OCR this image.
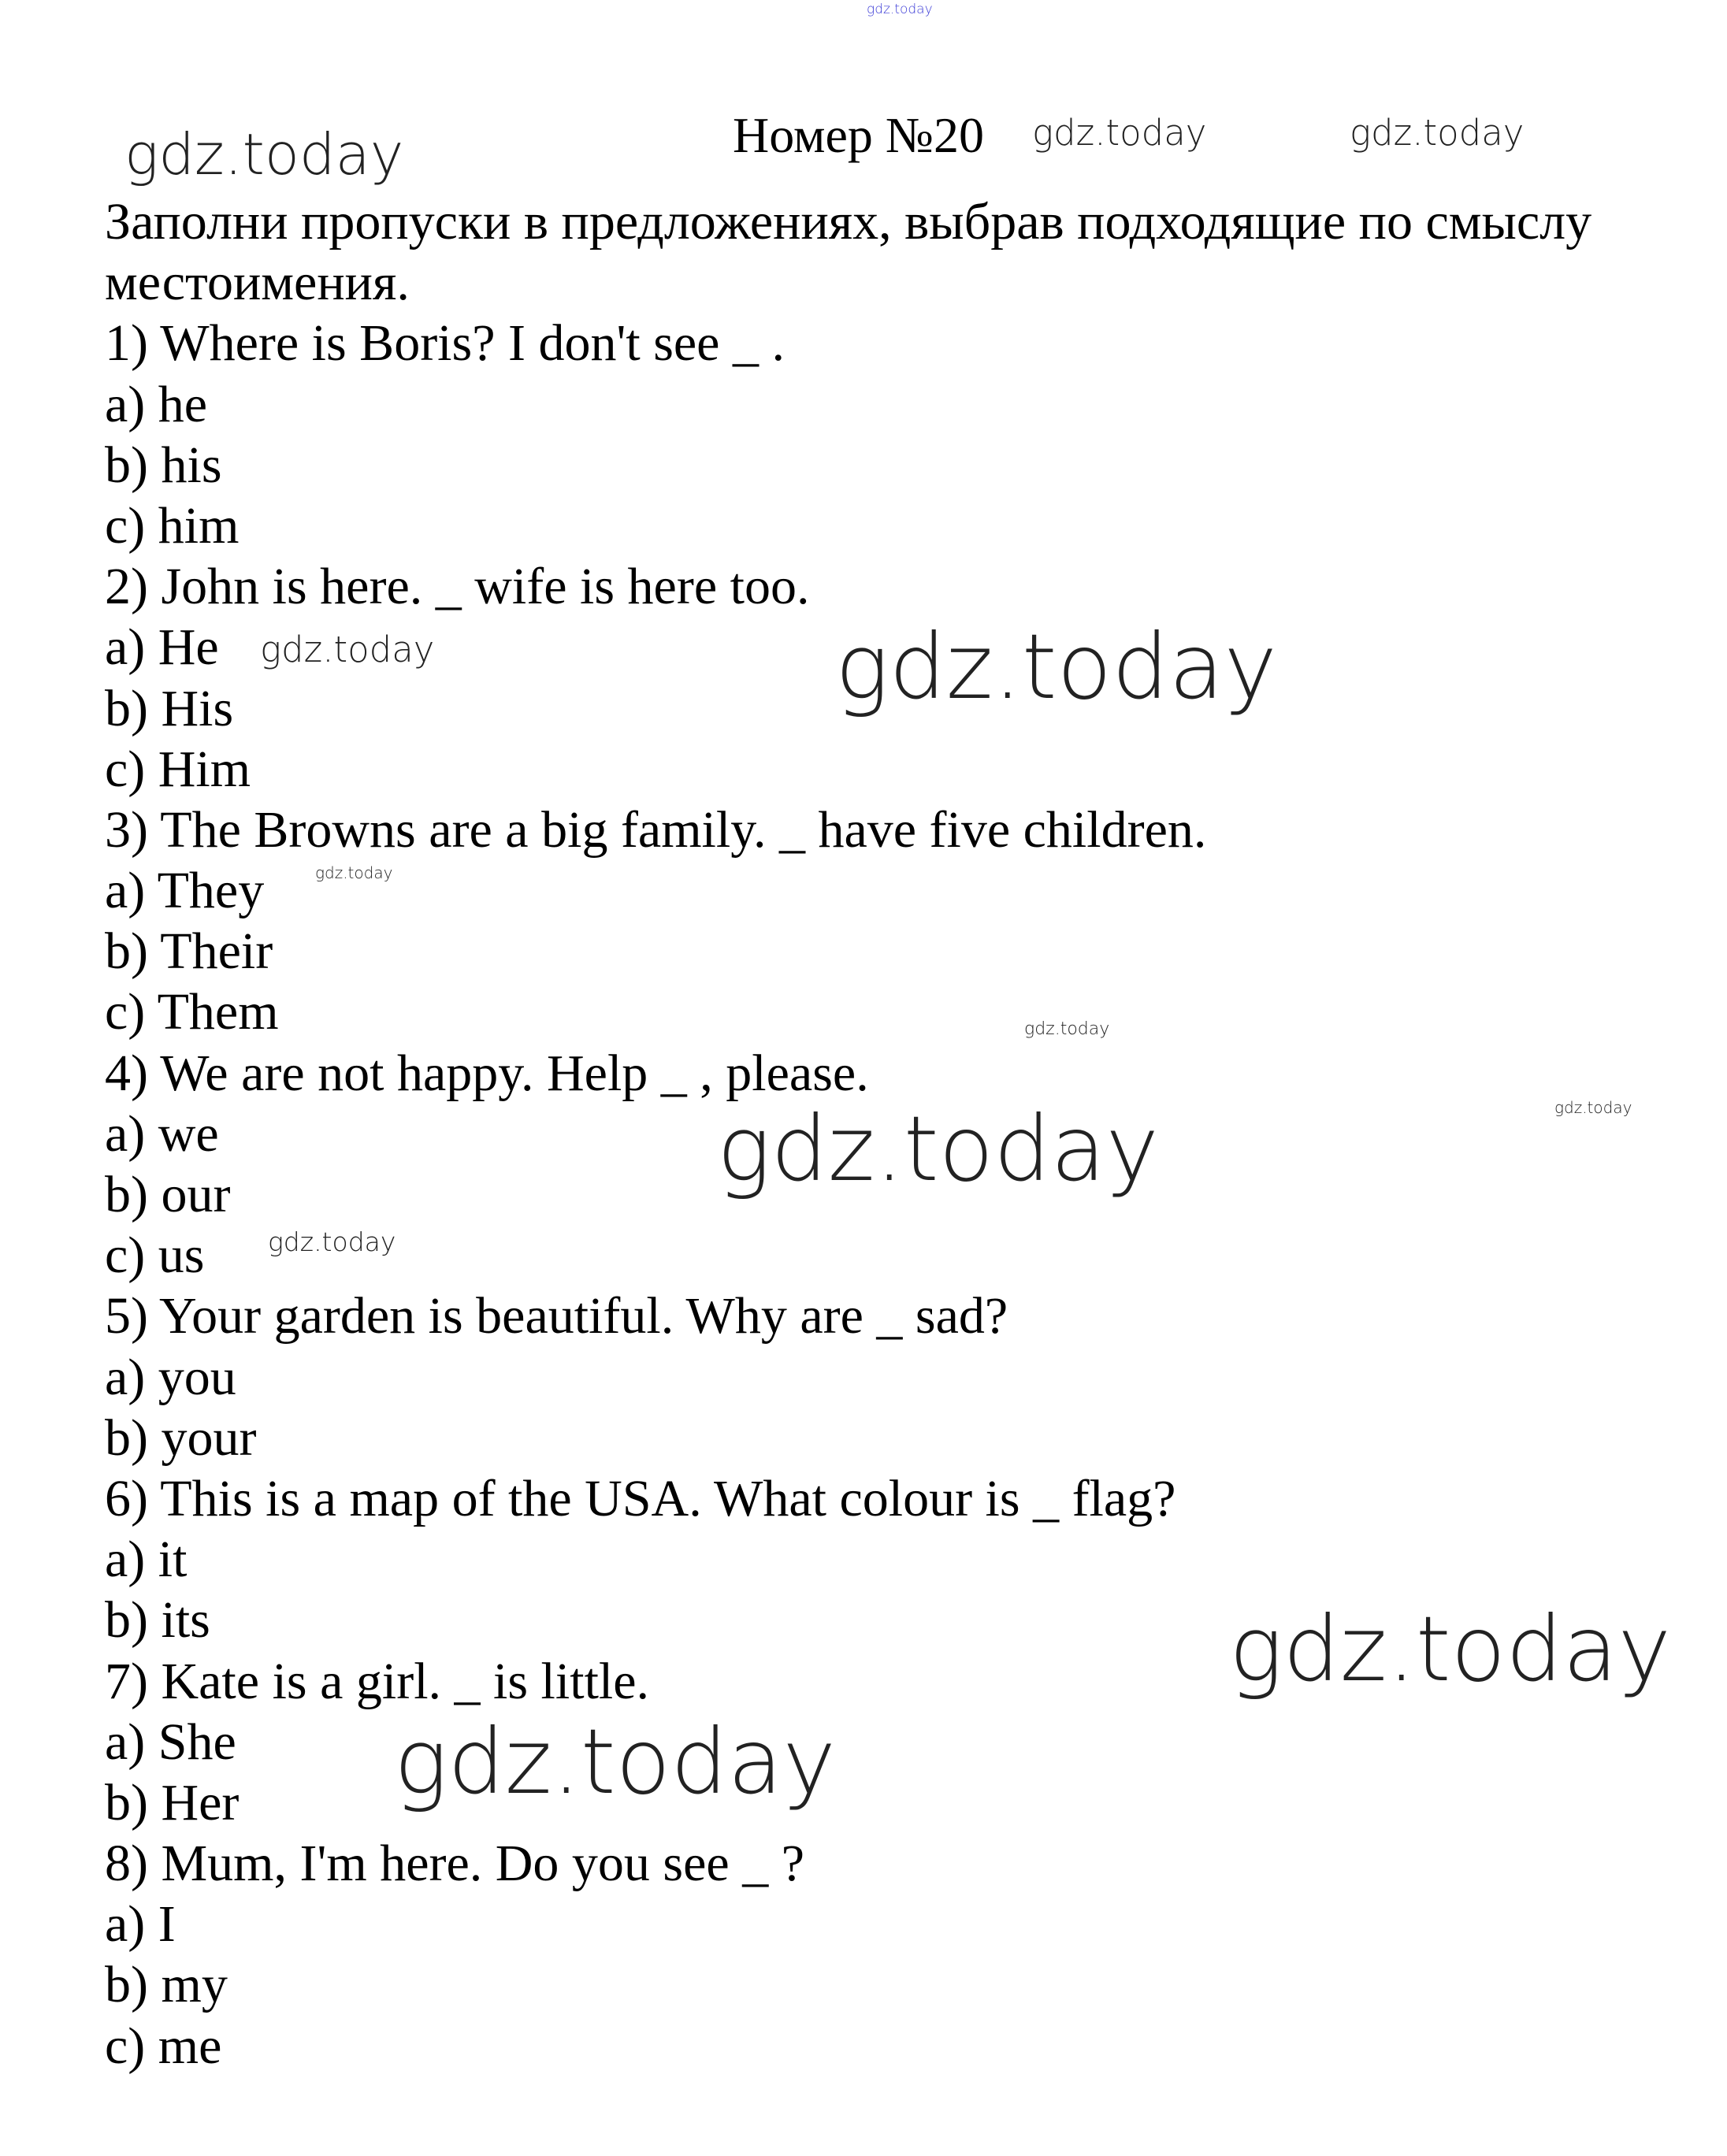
Номер №20
Заполни пропуски в предложениях, выбрав подходящие по смыслу
местоимения.
1) Where is Boris? I don't see _ .
a) he
b) his
c) him
2) John is here. _ wife is here too.
a) He
b) His
c) Him
3) The Browns are a big family. _ have five children.
a) They
b) Their
c) Them
4) We are not happy. Help _ , please.
a) we
b) our
c) us
5) Your garden is beautiful. Why are _ sad?
a) you
b) your
6) This is a map of the USA. What colour is _ flag?
a) it
b) its
7) Kate is a girl. _ is little.
a) She
b) Her
8) Mum, I'm here. Do you see _ ?
a) I
b) my
c) me
gdz.today
gdz.today	gdz.today
gdz.today
gdz.today
gdz.today
gdz.today
gdz.today
gdz.today
gdz.today
gdz.today
gdz.today
gdz.today
